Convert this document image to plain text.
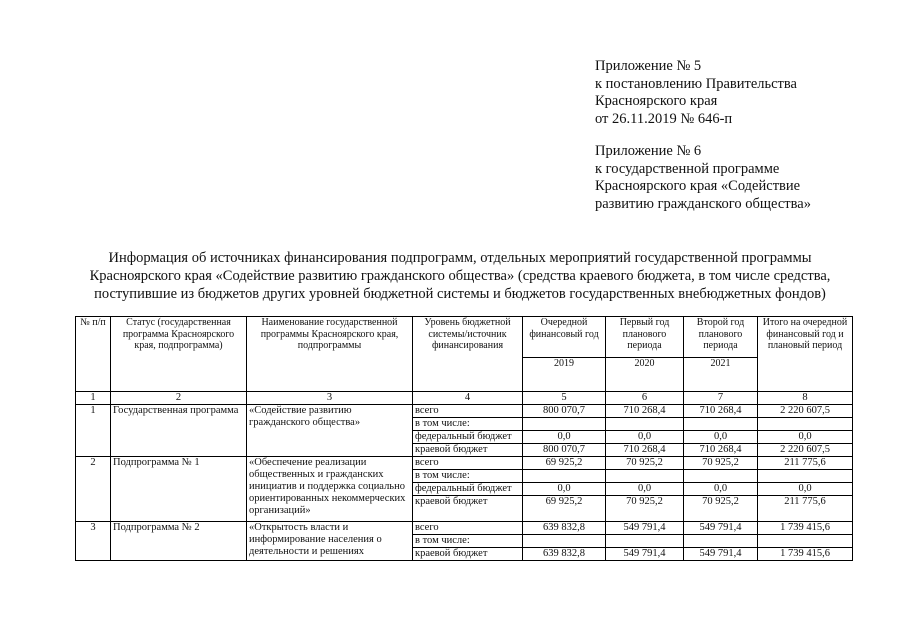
Приложение № 5
к постановлению Правительства
Красноярского края
от 26.11.2019 № 646-п
Приложение № 6
к государственной программе
Красноярского края «Содействие
развитию гражданского общества»
Информация об источниках финансирования подпрограмм, отдельных мероприятий государственной программы
Красноярского края «Содействие развитию гражданского общества» (средства краевого бюджета, в том числе средства,
поступившие из бюджетов других уровней бюджетной системы и бюджетов государственных внебюджетных фондов)
№ п/п	Статус (государственная программа Красноярского края, подпрограмма)	Наименование государственной программы Красноярского края, подпрограммы	Уровень бюджетной системы/источник финансирования	Очередной финансовый год	Первый год планового периода	Второй год планового периода	Итого на очередной финансовый год и плановый период
				2019	2020	2021	
1	2	3	4	5	6	7	8
1	Государственная программа	«Содействие развитию гражданского общества»	всего	800 070,7	710 268,4	710 268,4	2 220 607,5
			в том числе:				
			федеральный бюджет	0,0	0,0	0,0	0,0
			краевой бюджет	800 070,7	710 268,4	710 268,4	2 220 607,5
2	Подпрограмма № 1	«Обеспечение реализации общественных и гражданских инициатив и поддержка социально ориентированных некоммерческих организаций»	всего	69 925,2	70 925,2	70 925,2	211 775,6
			в том числе:				
			федеральный бюджет	0,0	0,0	0,0	0,0
			краевой бюджет	69 925,2	70 925,2	70 925,2	211 775,6
3	Подпрограмма № 2	«Открытость власти и информирование населения о деятельности и решениях	всего	639 832,8	549 791,4	549 791,4	1 739 415,6
			в том числе:				
			краевой бюджет	639 832,8	549 791,4	549 791,4	1 739 415,6
